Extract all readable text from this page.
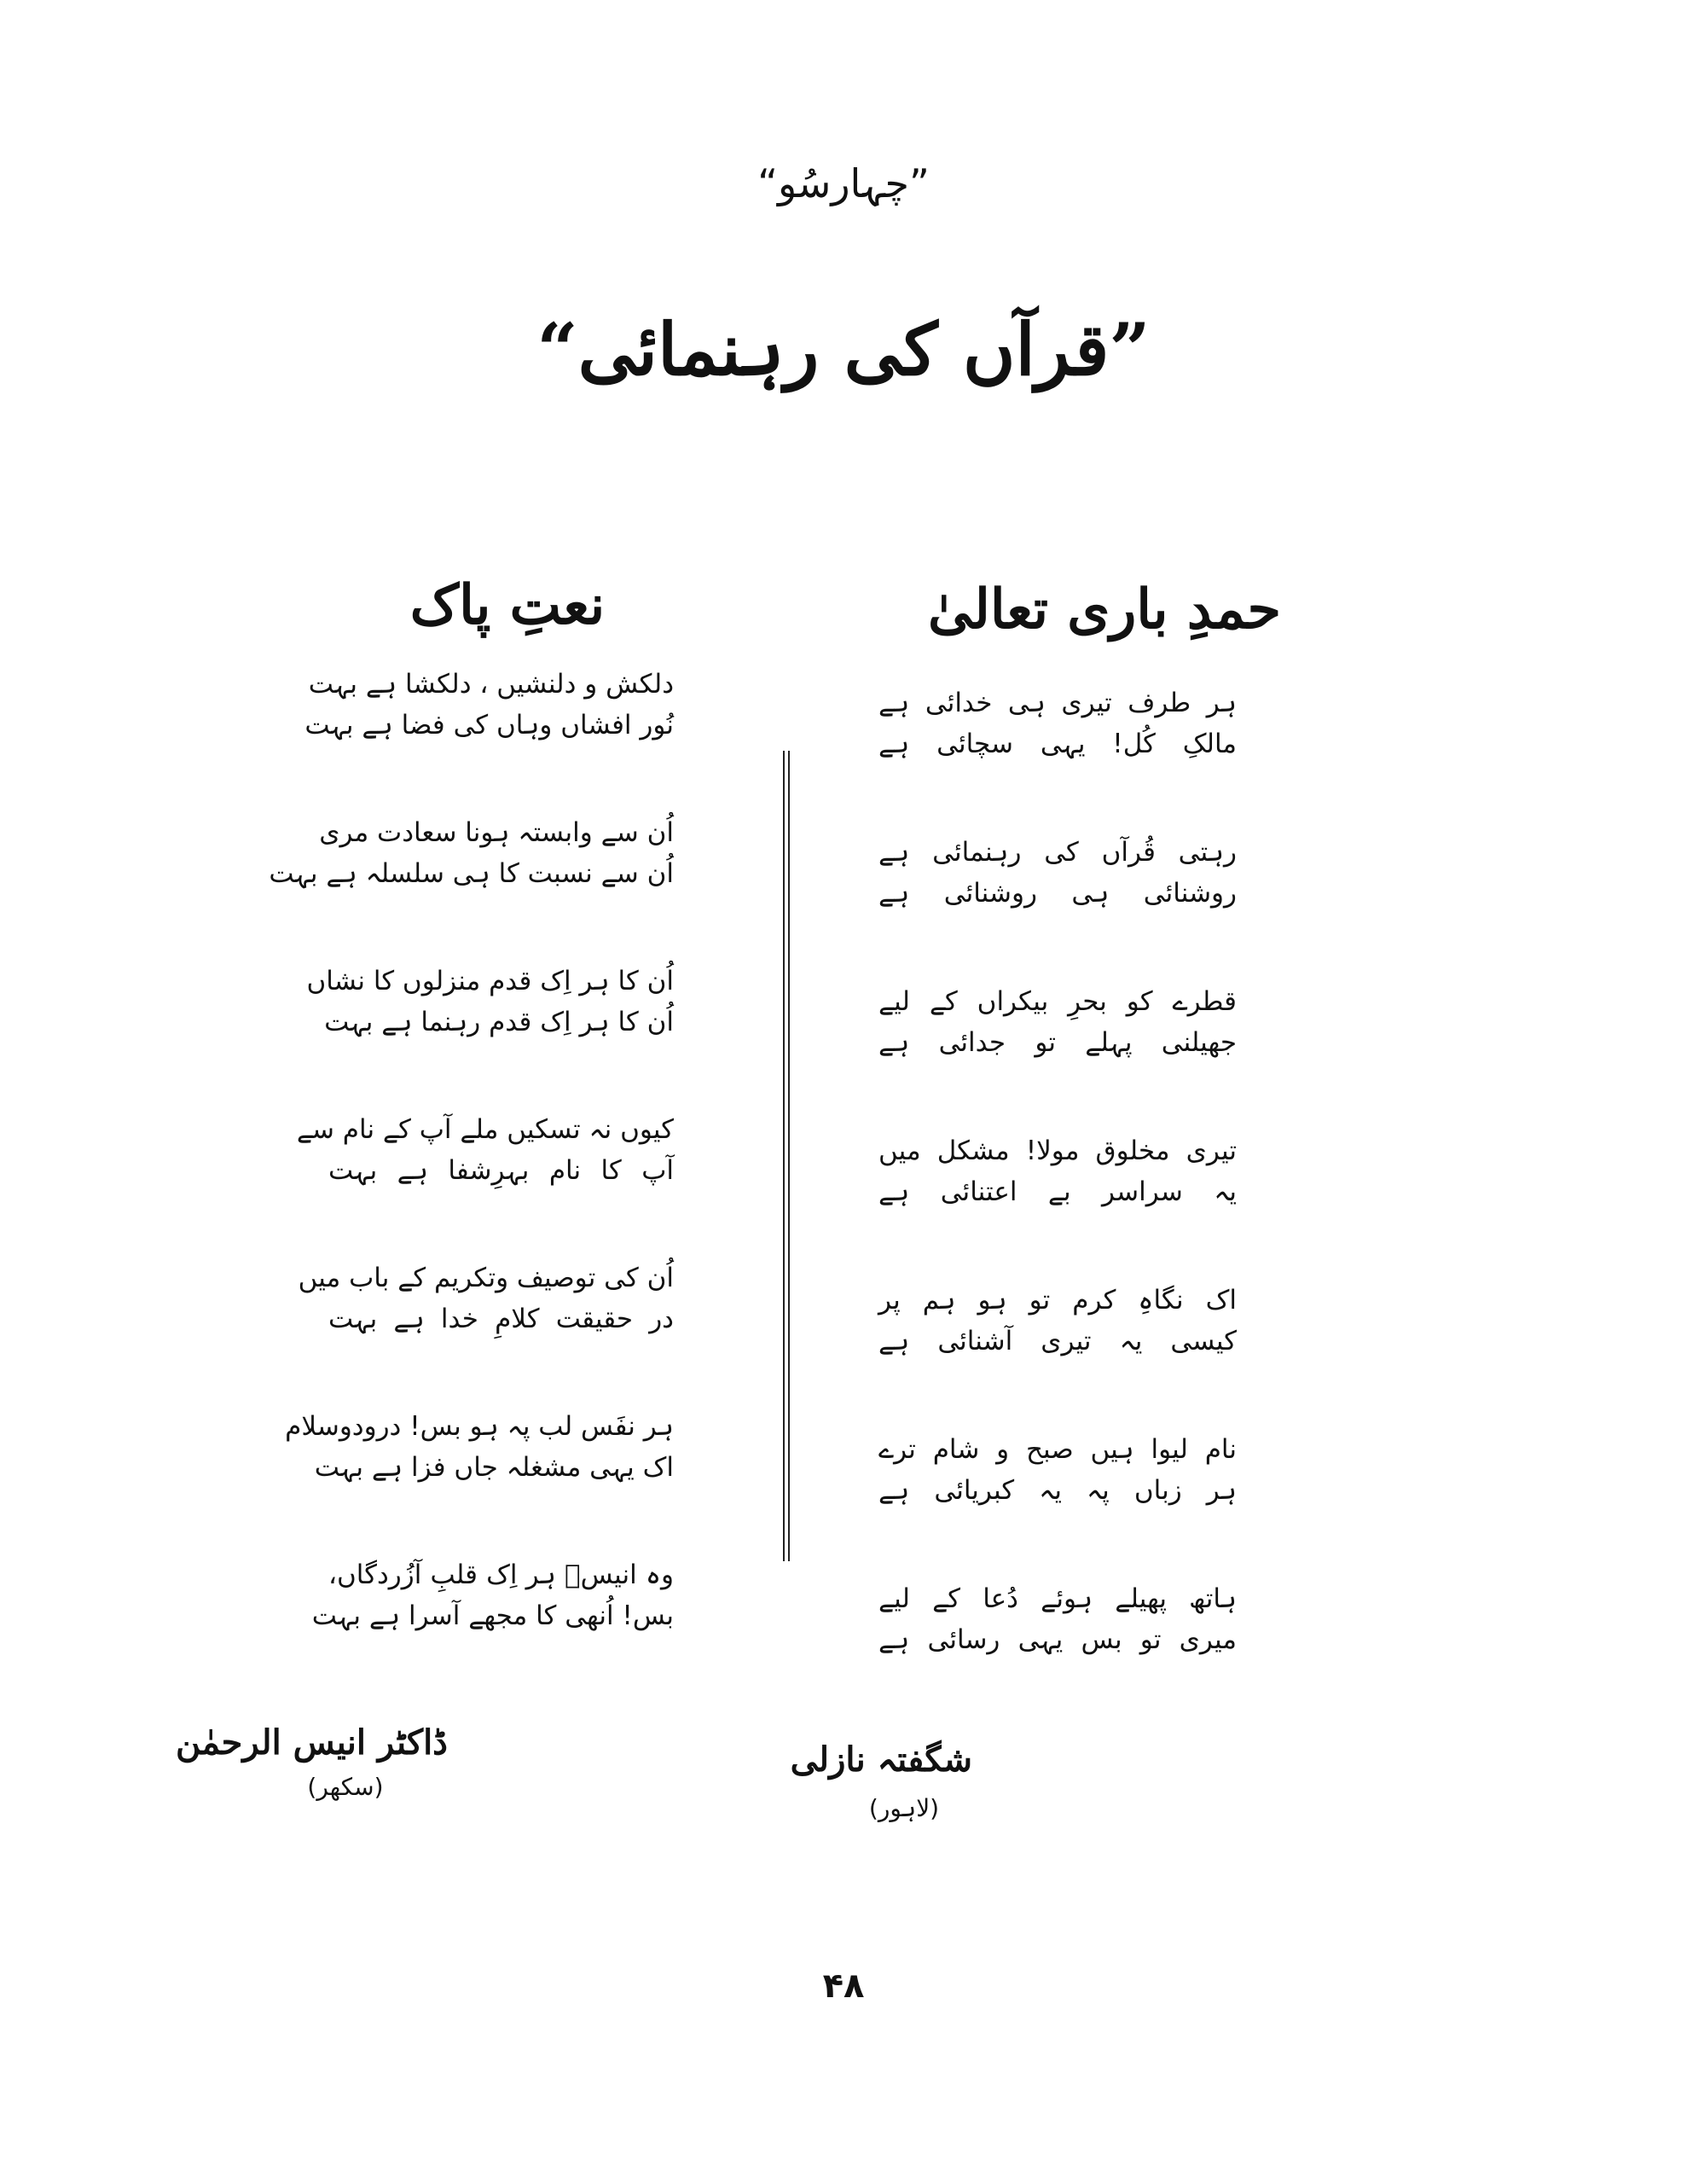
”چہارسُو“
”قرآں کی رہنمائی“
حمدِ باری تعالیٰ
ہر طرف تیری ہی خدائی ہے
مالکِ کُل! یہی سچائی ہے
رہتی قُرآں کی رہنمائی ہے
روشنائی ہی روشنائی ہے
قطرے کو بحرِ بیکراں کے لیے
جھیلنی پہلے تو جدائی ہے
تیری مخلوق مولا! مشکل میں
یہ سراسر بے اعتنائی ہے
اک نگاہِ کرم تو ہو ہم پر
کیسی یہ تیری آشنائی ہے
نام لیوا ہیں صبح و شام ترے
ہر زباں پہ یہ کبریائی ہے
ہاتھ پھیلے ہوئے دُعا کے لیے
میری تو بس یہی رسائی ہے
نعتِ پاک
دلکش و دلنشیں ، دلکشا ہے بہت
نُور افشاں وہاں کی فضا ہے بہت
اُن سے وابستہ ہونا سعادت مری
اُن سے نسبت کا ہی سلسلہ ہے بہت
اُن کا ہر اِک قدم منزلوں کا نشاں
اُن کا ہر اِک قدم رہنما ہے بہت
کیوں نہ تسکیں ملے آپ کے نام سے
آپ کا نام بہرِشفا ہے بہت
اُن کی توصیف وتکریم کے باب میں
در حقیقت کلامِ خدا ہے بہت
ہر نفَس لب پہ ہو بس! درودوسلام
اک یہی مشغلہ جاں فزا ہے بہت
وہ انیسؔ ہر اِک قلبِ آزُردگاں،
بس! اُنھی کا مجھے آسرا ہے بہت
شگفتہ نازلی
(لاہور)
ڈاکٹر انیس الرحمٰن
(سکھر)
۴۸
